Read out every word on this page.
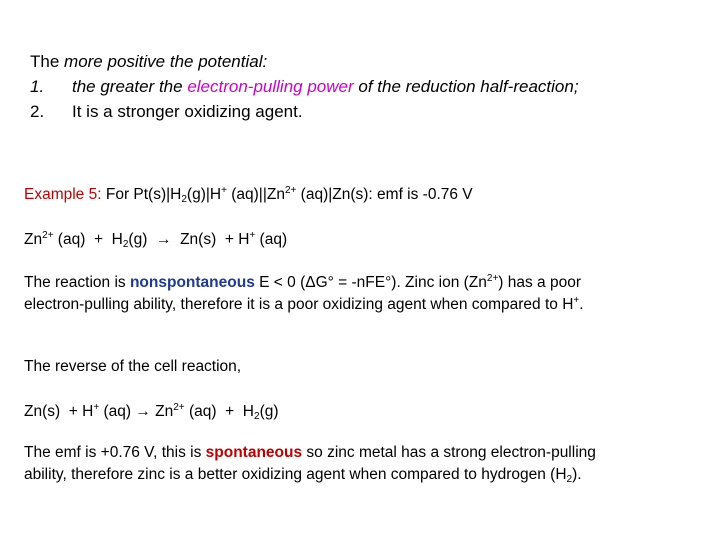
The more positive the potential:
1. the greater the electron-pulling power of the reduction half-reaction;
2. It is a stronger oxidizing agent.
Example 5: For $Pt(s)|H_2(g)|H^+$ $(aq)||Zn^{2+}$ (aq)|Zn(s): emf is -0.76 V
$Zn^{2+}$ $(aq) + H_2(g) \to Zn(s) + H^+$ (aq)
The reaction is nonspontaneous E < 0 (ΔG° = -nFE°). Zinc ion $(Zn^{2+})$ has a poor
electron-pulling ability, therefore it is a poor oxidizing agent when compared to H+.
The reverse of the cell reaction,
Zn(s)  + H+ $(aq) \to Zn^{2+}$ $(aq) + H_2(g)$
The emf is +0.76 V, this is spontaneous so zinc metal has a strong electron-pulling
ability, therefore zinc is a better oxidizing agent when compared to hydrogen $(H_2)$.
